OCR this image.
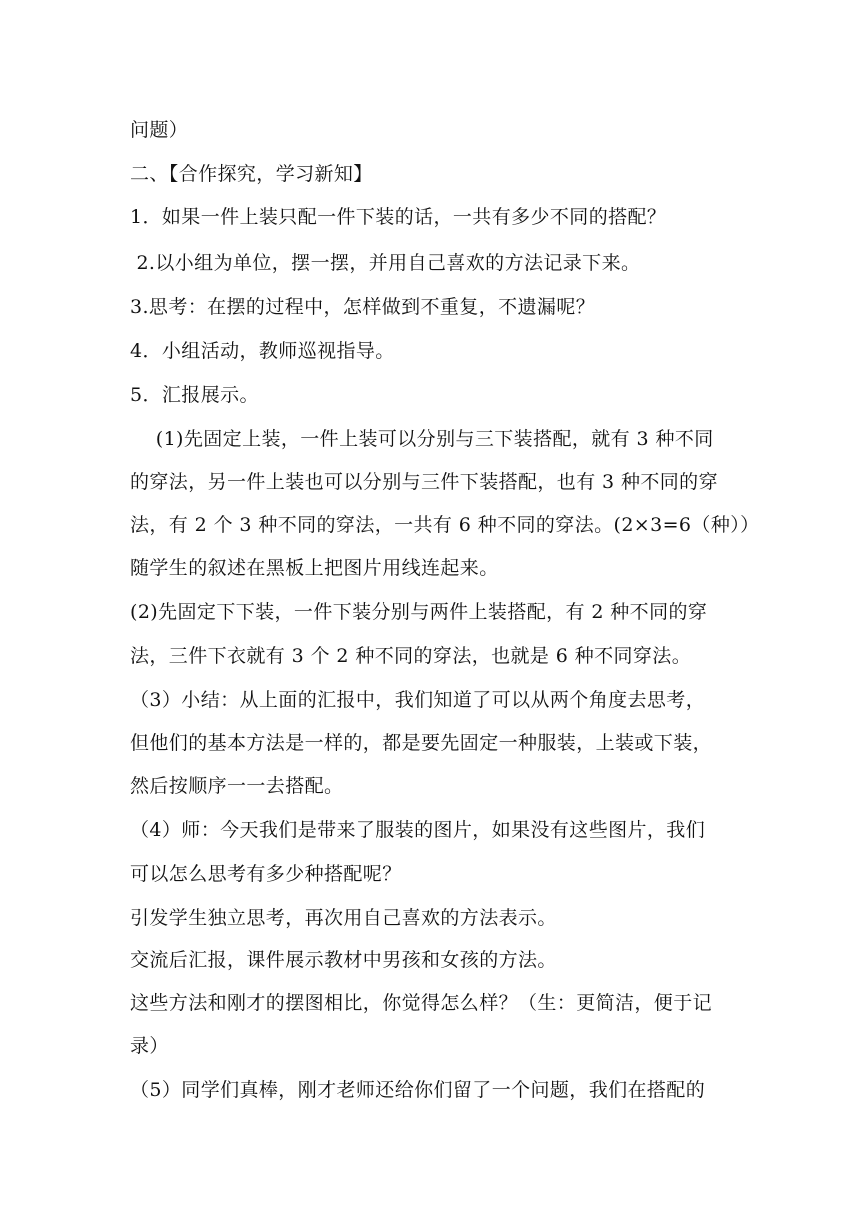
问题）
二、【合作探究，学习新知】
1．如果一件上装只配一件下装的话，一共有多少不同的搭配？
2.以小组为单位，摆一摆，并用自己喜欢的方法记录下来。
3.思考：在摆的过程中，怎样做到不重复，不遗漏呢？
4．小组活动，教师巡视指导。
5．汇报展示。
(1)先固定上装，一件上装可以分别与三下装搭配，就有 3 种不同
的穿法，另一件上装也可以分别与三件下装搭配，也有 3 种不同的穿
法，有 2 个 3 种不同的穿法，一共有 6 种不同的穿法。(2×3=6（种））
随学生的叙述在黑板上把图片用线连起来。
(2)先固定下下装，一件下装分别与两件上装搭配，有 2 种不同的穿
法，三件下衣就有 3 个 2 种不同的穿法，也就是 6 种不同穿法。
（3）小结：从上面的汇报中，我们知道了可以从两个角度去思考，
但他们的基本方法是一样的，都是要先固定一种服装，上装或下装，
然后按顺序一一去搭配。
（4）师：今天我们是带来了服装的图片，如果没有这些图片，我们
可以怎么思考有多少种搭配呢？
引发学生独立思考，再次用自己喜欢的方法表示。
交流后汇报，课件展示教材中男孩和女孩的方法。
这些方法和刚才的摆图相比，你觉得怎么样？（生：更简洁，便于记
录）
（5）同学们真棒，刚才老师还给你们留了一个问题，我们在搭配的
